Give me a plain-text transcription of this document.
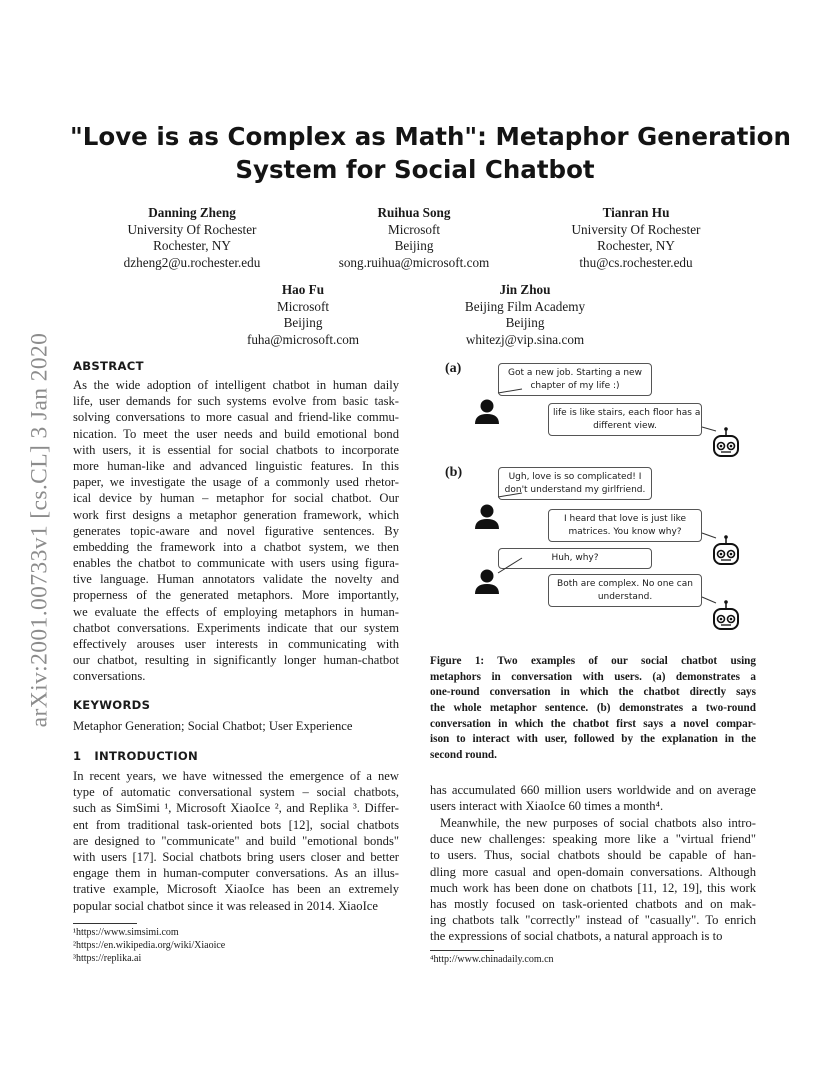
arXiv:2001.00733v1 [cs.CL] 3 Jan 2020
"Love is as Complex as Math": Metaphor Generation
System for Social Chatbot
Danning Zheng
University Of Rochester
Rochester, NY
dzheng2@u.rochester.edu
Ruihua Song
Microsoft
Beijing
song.ruihua@microsoft.com
Tianran Hu
University Of Rochester
Rochester, NY
thu@cs.rochester.edu
Hao Fu
Microsoft
Beijing
fuha@microsoft.com
Jin Zhou
Beijing Film Academy
Beijing
whitezj@vip.sina.com
ABSTRACT
As the wide adoption of intelligent chatbot in human daily
life, user demands for such systems evolve from basic task-
solving conversations to more casual and friend-like commu-
nication. To meet the user needs and build emotional bond
with users, it is essential for social chatbots to incorporate
more human-like and advanced linguistic features. In this
paper, we investigate the usage of a commonly used rhetor-
ical device by human – metaphor for social chatbot. Our
work first designs a metaphor generation framework, which
generates topic-aware and novel figurative sentences. By
embedding the framework into a chatbot system, we then
enables the chatbot to communicate with users using figura-
tive language. Human annotators validate the novelty and
properness of the generated metaphors. More importantly,
we evaluate the effects of employing metaphors in human-
chatbot conversations. Experiments indicate that our system
effectively arouses user interests in communicating with
our chatbot, resulting in significantly longer human-chatbot
conversations.
KEYWORDS
Metaphor Generation; Social Chatbot; User Experience
1 INTRODUCTION
In recent years, we have witnessed the emergence of a new
type of automatic conversational system – social chatbots,
such as SimSimi ¹, Microsoft XiaoIce ², and Replika ³. Differ-
ent from traditional task-oriented bots [12], social chatbots
are designed to "communicate" and build "emotional bonds"
with users [17]. Social chatbots bring users closer and better
engage them in human-computer conversations. As an illus-
trative example, Microsoft XiaoIce has been an extremely
popular social chatbot since it was released in 2014. XiaoIce
¹https://www.simsimi.com
²https://en.wikipedia.org/wiki/Xiaoice
³https://replika.ai
(a)	Got a new job. Starting a new
chapter of my life :)
life is like stairs, each floor has a
different view.
(b)	Ugh, love is so complicated! I
don't understand my girlfriend.
I heard that love is just like
matrices. You know why?
Huh, why?
Both are complex. No one can
understand.
Figure 1: Two examples of our social chatbot using
metaphors in conversation with users. (a) demonstrates a
one-round conversation in which the chatbot directly says
the whole metaphor sentence. (b) demonstrates a two-round
conversation in which the chatbot first says a novel compar-
ison to interact with user, followed by the explanation in the
second round.
has accumulated 660 million users worldwide and on average
users interact with XiaoIce 60 times a month⁴.
Meanwhile, the new purposes of social chatbots also intro-
duce new challenges: speaking more like a "virtual friend"
to users. Thus, social chatbots should be capable of han-
dling more casual and open-domain conversations. Although
much work has been done on chatbots [11, 12, 19], this work
has mostly focused on task-oriented chatbots and on mak-
ing chatbots talk "correctly" instead of "casually". To enrich
the expressions of social chatbots, a natural approach is to
⁴http://www.chinadaily.com.cn
